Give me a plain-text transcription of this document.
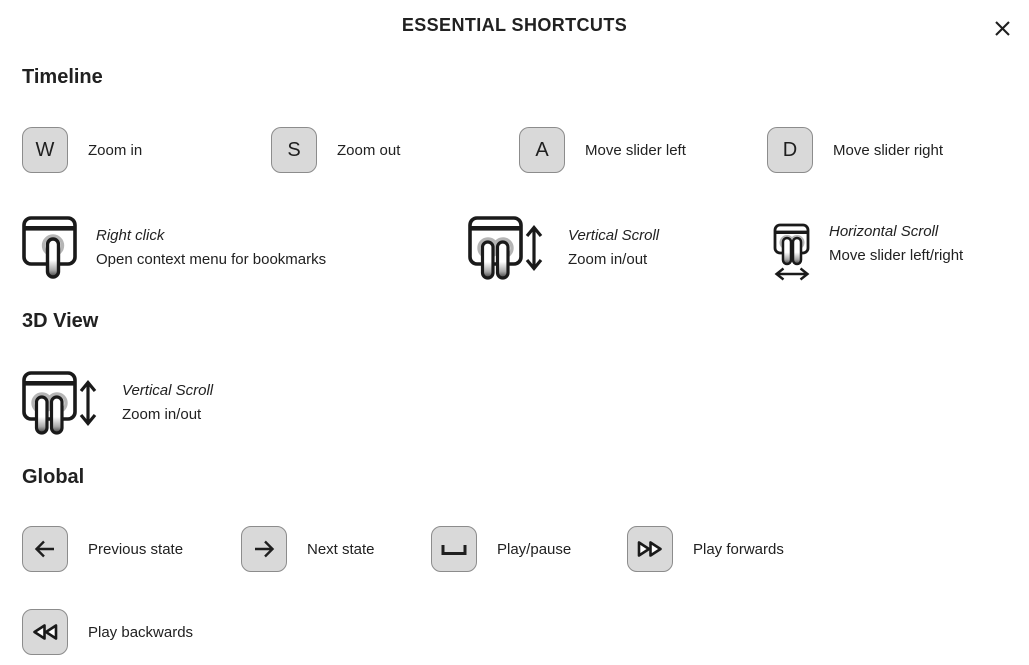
ESSENTIAL SHORTCUTS
Timeline
W	Zoom in	S	Zoom out	A	Move slider left	D	Move slider right
Right click
Open context menu for bookmarks
Vertical Scroll
Zoom in/out
Horizontal Scroll
Move slider left/right
3D View
Vertical Scroll
Zoom in/out
Global
Previous state	Next state	Play/pause	Play forwards
Play backwards
